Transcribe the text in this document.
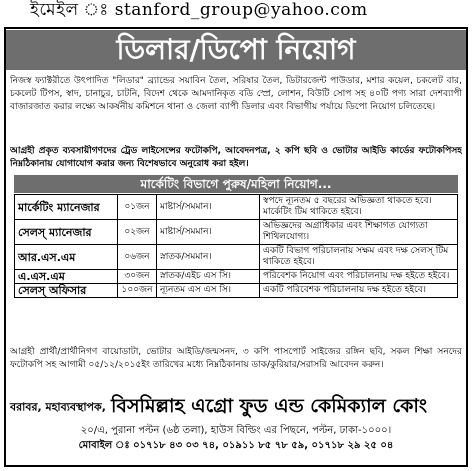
ইমেইল ঃ stanford_group@yahoo.com
ডিলার/ডিপো নিয়োগ
নিজস্ব ফ্যাক্টরীতে উৎপাদিত "লিডার" ব্র্যান্ডের সয়াবিন তৈল, সরিষার তৈল, ডিটারজেন্ট পাউডার, মশার কয়েল, চকলেট বার, চকলেট টিপস, স্বাদ, চানাচুর, চাটনি, বিদেশ থেকে আমদানিকৃত বডি স্প্রে, লোশন, বিউটি সোপ সহ ৪০টি পণ্য সারা দেশব্যাপী বাজারজাত করার লক্ষ্যে আকর্ষনীয় কমিশনে থানা ও জেলা ব্যাপী ডিলার এবং বিভাগীয় পর্যায়ে ডিপো নিয়োগ চলিতেছে।
আগ্রহী প্রকৃত ব্যবসায়ীগণদের ট্রেড লাইসেন্সের ফটোকপি, আবেদনপত্র, ২ কপি ছবি ও ভোটার আইডি কার্ডের ফটোকপিসহ নিম্নঠিকানায় যোগাযোগ করার জন্য বিশেষভাবে অনুরোধ করা হইল।
মার্কেটিং বিভাগে পুরুষ/মহিলা নিয়োগ...
মার্কেটিং ম্যানেজার	০১জন	মাষ্টার্স/সমমান।	স্বপদে ন্যূনতম ৫ বছরের অভিজ্ঞতা থাকতে হবে। মার্কেটিং টিম থাকিতে হইবে।
সেলস্ ম্যানেজার	০২জন	মাষ্টার্স/সমমান।	অভিজ্ঞদের অগ্রাধিকার এবং শিক্ষাগত যোগ্যতা শিথিলযোগ্য।
আর.এস.এম	০৬জন	স্নাতক/সমমান।	একটি বিভাগ পরিচালনায় সক্ষম এবং দক্ষ সেলস্ টিম থাকিতে হইবে।
এ.এস.এম	৩০জন	স্নাতক/এইচ এস সি।	পরিবেশক নিয়োগ এবং পরিচালনায় দক্ষ হইতে হইবে।
সেলস্ অফিসার	১০০জন	ন্যূনতম এস এস সি।	একটি পরিবেশক পরিচালনায় দক্ষ হইতে হইবে।
আগ্রহী প্রার্থী/প্রার্থীনিগণ বায়োডাটা, ভোটার আইডি/জন্মসনদ, ৩ কপি পাসপোর্ট সাইজের রঙ্গিন ছবি, সকল শিক্ষা সনদের ফটোকপি সহ আগামী ০৫/১২/২০১৫ইং তারিখের মধ্যে নিম্নঠিকানায় ডাক/কুরিয়ার/সরাসরি আবেদন করুন।
বরাবর, মহাব্যবস্থাপক, বিসমিল্লাহ এগ্রো ফুড এন্ড কেমিক্যাল কোং
২০/এ, পুরানা পল্টন (৬ষ্ঠ তলা), হাউস বিল্ডিং এর পিছনে, পল্টন, ঢাকা-১০০০।
মোবাইল ঃ ০১৭১৮ ৪৩ ০৩ ৭৪, ০১৯১১ ৮৫ ৭৮ ৫৯, ০১৭১৮ ২৯ ২৫ ০৪
